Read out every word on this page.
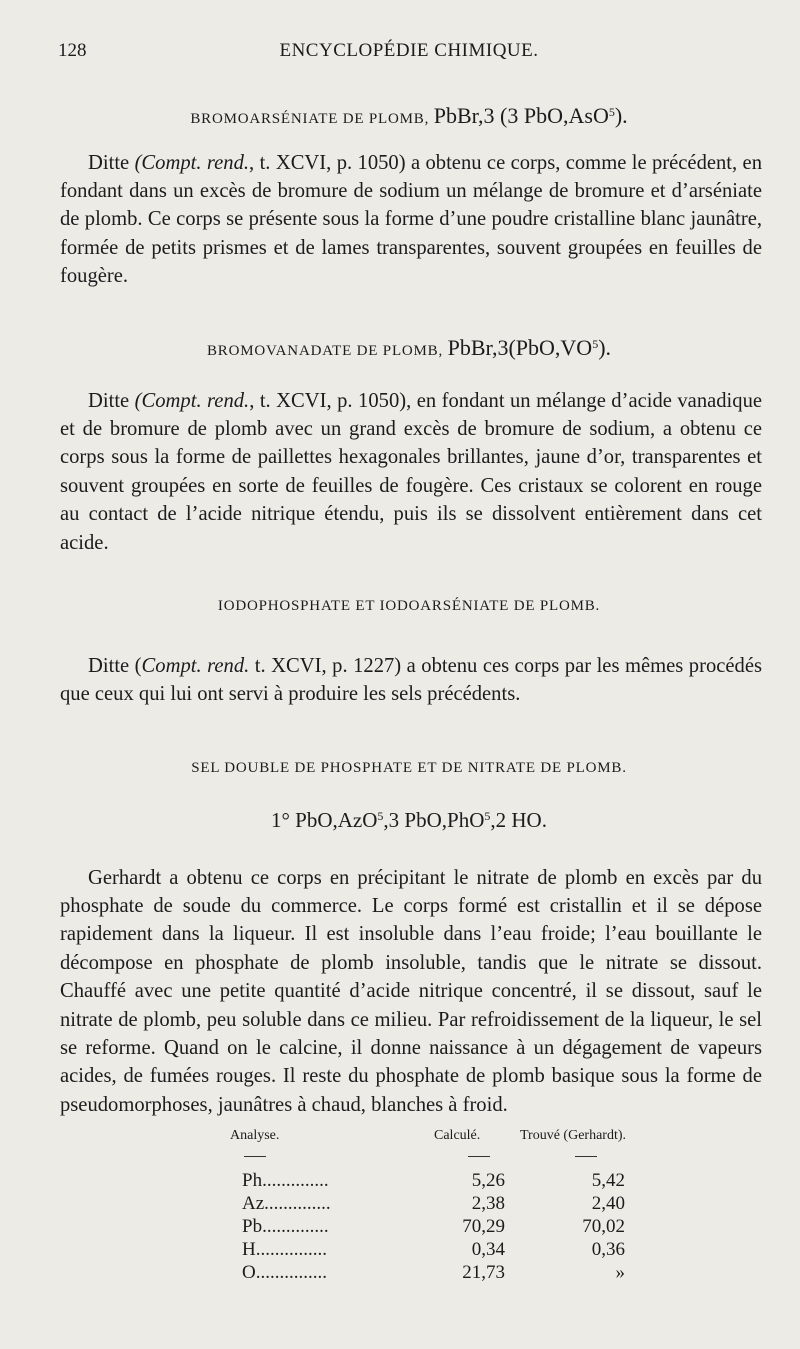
128	ENCYCLOPÉDIE CHIMIQUE.
BROMOARSÉNIATE DE PLOMB, PbBr,3 (3 PbO,AsO$^5$).

Ditte (Compt. rend., t. XCVI, p. 1050) a obtenu ce corps, comme le précédent, en fondant dans un excès de bromure de sodium un mélange de bromure et d’arséniate de plomb. Ce corps se présente sous la forme d’une poudre cristalline blanc jaunâtre, formée de petits prismes et de lames transparentes, souvent groupées en feuilles de fougère.

BROMOVANADATE DE PLOMB, $PbBr,3(PbO,VO^5)$.

Ditte (Compt. rend., t. XCVI, p. 1050), en fondant un mélange d’acide vanadique et de bromure de plomb avec un grand excès de bromure de sodium, a obtenu ce corps sous la forme de paillettes hexagonales brillantes, jaune d’or, transparentes et souvent groupées en sorte de feuilles de fougère. Ces cristaux se colorent en rouge au contact de l’acide nitrique étendu, puis ils se dissolvent entièrement dans cet acide.

IODOPHOSPHATE ET IODOARSÉNIATE DE PLOMB.

Ditte (Compt. rend. t. XCVI, p. 1227) a obtenu ces corps par les mêmes procédés que ceux qui lui ont servi à produire les sels précédents.

SEL DOUBLE DE PHOSPHATE ET DE NITRATE DE PLOMB.
1° PbO,AzO$^5$,3 PbO,PhO$^5$,2 HO.

Gerhardt a obtenu ce corps en précipitant le nitrate de plomb en excès par du phosphate de soude du commerce. Le corps formé est cristallin et il se dépose rapidement dans la liqueur. Il est insoluble dans l’eau froide; l’eau bouillante le décompose en phosphate de plomb insoluble, tandis que le nitrate se dissout. Chauffé avec une petite quantité d’acide nitrique concentré, il se dissout, sauf le nitrate de plomb, peu soluble dans ce milieu. Par refroidissement de la liqueur, le sel se reforme. Quand on le calcine, il donne naissance à un dégagement de vapeurs acides, de fumées rouges. Il reste du phosphate de plomb basique sous la forme de pseudomorphoses, jaunâtres à chaud, blanches à froid.

Analyse.	Calculé.	Trouvé (Gerhardt).
Ph..............	5,26	5,42
Az..............	2,38	2,40
Pb..............	70,29	70,02
H...............	0,34	0,36
O...............	21,73	»
